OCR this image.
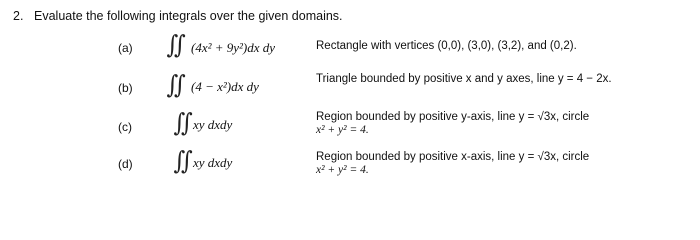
2. Evaluate the following integrals over the given domains.
(a) ∬ (4x² + 9y²)dx dy	Rectangle with vertices (0,0), (3,0), (3,2), and (0,2).
(b) ∬ (4 − x²)dx dy	Triangle bounded by positive x and y axes, line y = 4 − 2x.
(c) ∬ xy dxdy	Region bounded by positive y-axis, line y = √3x, circle
x² + y² = 4.
(d) ∬ xy dxdy	Region bounded by positive x-axis, line y = √3x, circle
x² + y² = 4.
